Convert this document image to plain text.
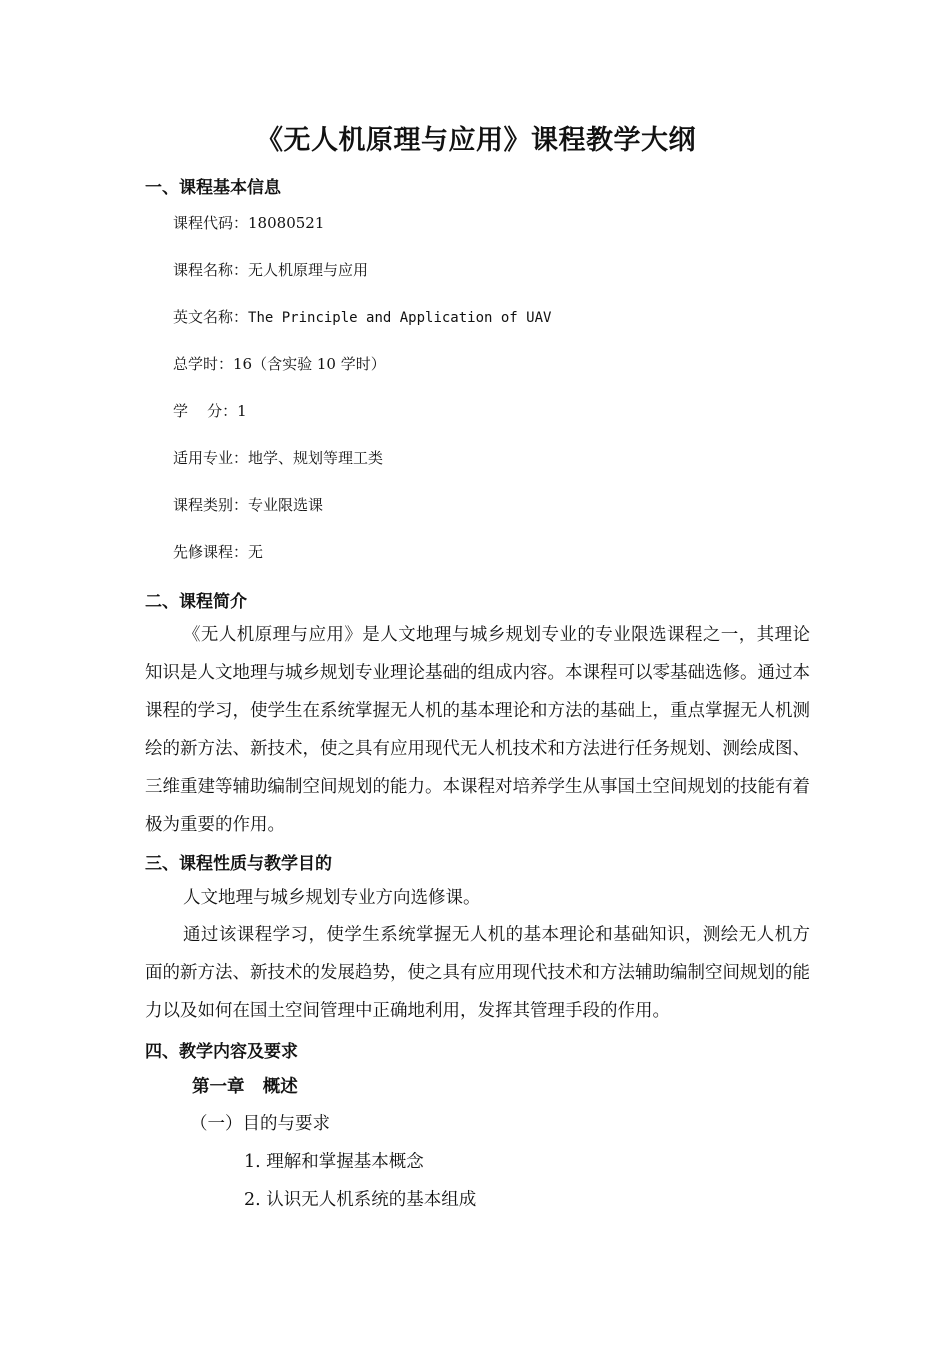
《无人机原理与应用》课程教学大纲
一、课程基本信息
课程代码：18080521
课程名称：无人机原理与应用
英文名称：The Principle and Application of UAV
总学时：16（含实验 10 学时）
学    分：1
适用专业：地学、规划等理工类
课程类别：专业限选课
先修课程：无
二、课程简介
《无人机原理与应用》是人文地理与城乡规划专业的专业限选课程之一，其理论知识是人文地理与城乡规划专业理论基础的组成内容。本课程可以零基础选修。通过本课程的学习，使学生在系统掌握无人机的基本理论和方法的基础上，重点掌握无人机测绘的新方法、新技术，使之具有应用现代无人机技术和方法进行任务规划、测绘成图、三维重建等辅助编制空间规划的能力。本课程对培养学生从事国土空间规划的技能有着极为重要的作用。
三、课程性质与教学目的
人文地理与城乡规划专业方向选修课。
通过该课程学习，使学生系统掌握无人机的基本理论和基础知识，测绘无人机方面的新方法、新技术的发展趋势，使之具有应用现代技术和方法辅助编制空间规划的能力以及如何在国土空间管理中正确地利用，发挥其管理手段的作用。
四、教学内容及要求
第一章   概述
（一）目的与要求
1. 理解和掌握基本概念
2. 认识无人机系统的基本组成
